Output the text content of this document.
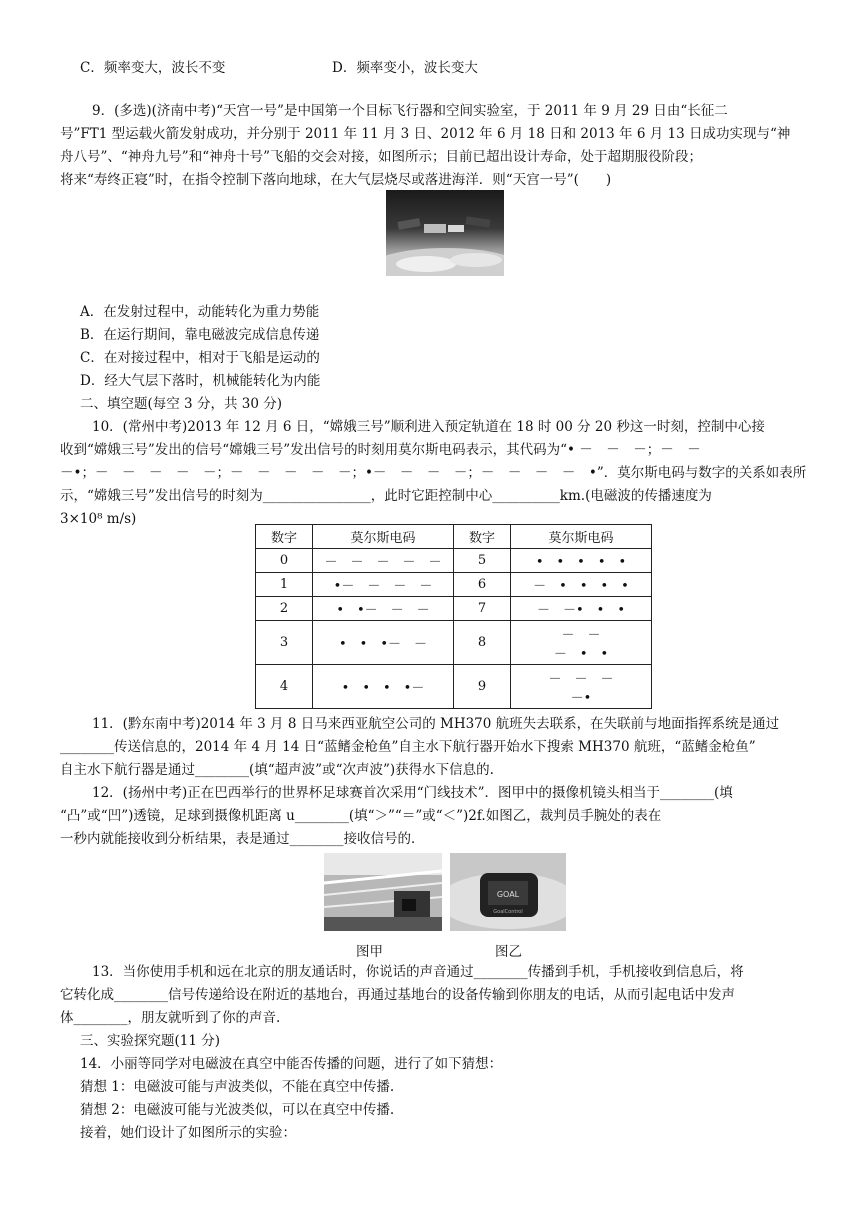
C．频率变大，波长不变	D．频率变小，波长变大
9．(多选)(济南中考)“天宫一号”是中国第一个目标飞行器和空间实验室，于 2011 年 9 月 29 日由“长征二
号”FT1 型运载火箭发射成功，并分别于 2011 年 11 月 3 日、2012 年 6 月 18 日和 2013 年 6 月 13 日成功实现与“神
舟八号”、“神舟九号”和“神舟十号”飞船的交会对接，如图所示；目前已超出设计寿命，处于超期服役阶段；
将来“寿终正寝”时，在指令控制下落向地球，在大气层烧尽或落进海洋．则“天宫一号”(　　)
A．在发射过程中，动能转化为重力势能
B．在运行期间，靠电磁波完成信息传递
C．在对接过程中，相对于飞船是运动的
D．经大气层下落时，机械能转化为内能
二、填空题(每空 3 分，共 30 分)
10．(常州中考)2013 年 12 月 6 日，“嫦娥三号”顺利进入预定轨道在 18 时 00 分 20 秒这一时刻，控制中心接
收到“嫦娥三号”发出的信号“嫦娥三号”发出信号的时刻用莫尔斯电码表示，其代码为“• －　－　－；－　－
－•；－　－　－　－　－；－　－　－　－　－；•－　－　－　－；－　－　－　－　•”．莫尔斯电码与数字的关系如表所
示，“嫦娥三号”发出信号的时刻为________________，此时它距控制中心__________km.(电磁波的传播速度为
3×10⁸ m/s)
数字	莫尔斯电码	数字	莫尔斯电码
0	－　－　－　－　－	5	•　•　•　•　•
1	•－　－　－　－	6	－　•　•　•　•
2	•　•－　－　－	7	－　－•　•　•
3	•　•　•－　－	8	－　－
－　•　•

4	•　•　•　•－	9	－　－　－
－•
11．(黔东南中考)2014 年 3 月 8 日马来西亚航空公司的 MH370 航班失去联系，在失联前与地面指挥系统是通过
________传送信息的，2014 年 4 月 14 日“蓝鳍金枪鱼”自主水下航行器开始水下搜索 MH370 航班，“蓝鳍金枪鱼”
自主水下航行器是通过________(填“超声波”或“次声波”)获得水下信息的.
12．(扬州中考)正在巴西举行的世界杯足球赛首次采用“门线技术”．图甲中的摄像机镜头相当于________(填
“凸”或“凹”)透镜，足球到摄像机距离 u________(填“＞”“＝”或“＜”)2f.如图乙，裁判员手腕处的表在
一秒内就能接收到分析结果，表是通过________接收信号的．
GOAL
GoalControl
图甲	图乙
13．当你使用手机和远在北京的朋友通话时，你说话的声音通过________传播到手机，手机接收到信息后，将
它转化成________信号传递给设在附近的基地台，再通过基地台的设备传输到你朋友的电话，从而引起电话中发声
体________，朋友就听到了你的声音.
三、实验探究题(11 分)
14．小丽等同学对电磁波在真空中能否传播的问题，进行了如下猜想：
猜想 1：电磁波可能与声波类似，不能在真空中传播.
猜想 2：电磁波可能与光波类似，可以在真空中传播.
接着，她们设计了如图所示的实验：
